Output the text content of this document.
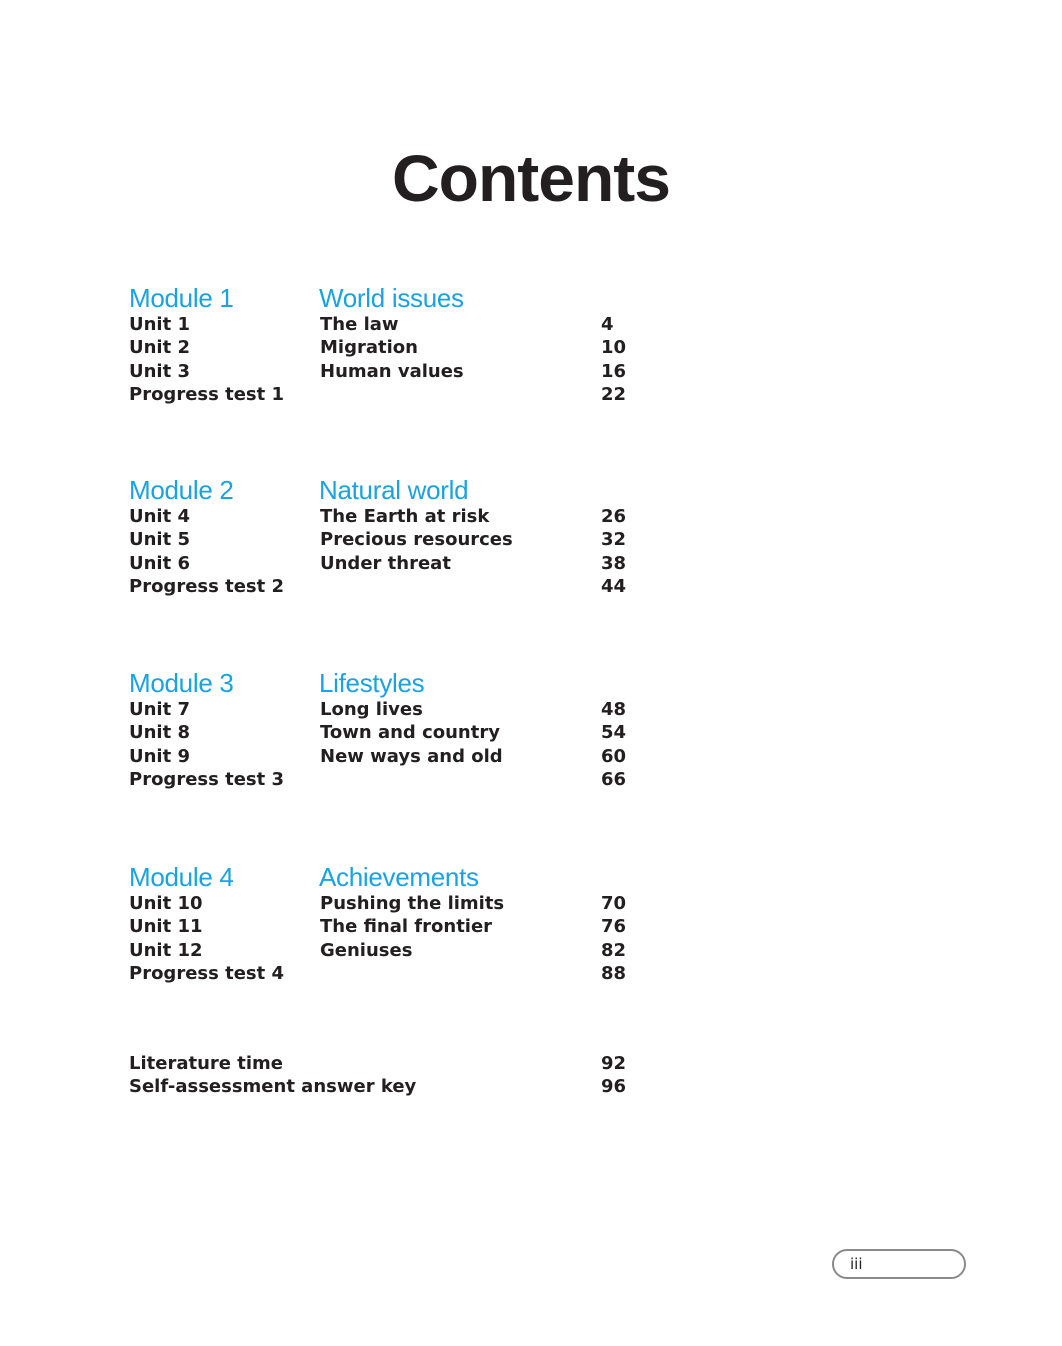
Contents
Module 1	World issues
Unit 1	The law	4
Unit 2	Migration	10
Unit 3	Human values	16
Progress test 1	22
Module 2	Natural world
Unit 4	The Earth at risk	26
Unit 5	Precious resources	32
Unit 6	Under threat	38
Progress test 2	44
Module 3	Lifestyles
Unit 7	Long lives	48
Unit 8	Town and country	54
Unit 9	New ways and old	60
Progress test 3	66
Module 4	Achievements
Unit 10	Pushing the limits	70
Unit 11	The final frontier	76
Unit 12	Geniuses	82
Progress test 4	88
Literature time	92
Self-assessment answer key	96
iii
